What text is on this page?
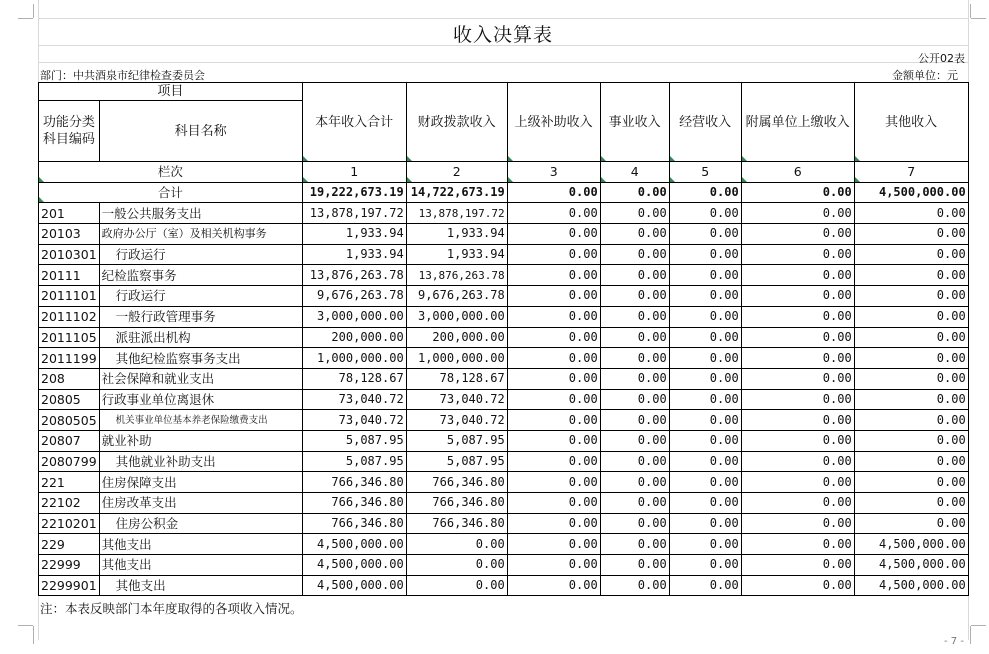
收入决算表
公开02表
部门：中共酒泉市纪律检查委员会	金额单位：元
项目		本年收入合计	财政拨款收入	上级补助收入	事业收入	经营收入	附属单位上缴收入	其他收入
功能分类科目编码	科目名称							
栏次		1	2	3	4	5	6	7
合计		19,222,673.19	14,722,673.19	0.00	0.00	0.00	0.00	4,500,000.00
201	一般公共服务支出	13,878,197.72	13,878,197.72	0.00	0.00	0.00	0.00	0.00
20103	政府办公厅（室）及相关机构事务	1,933.94	1,933.94	0.00	0.00	0.00	0.00	0.00
2010301	行政运行	1,933.94	1,933.94	0.00	0.00	0.00	0.00	0.00
20111	纪检监察事务	13,876,263.78	13,876,263.78	0.00	0.00	0.00	0.00	0.00
2011101	行政运行	9,676,263.78	9,676,263.78	0.00	0.00	0.00	0.00	0.00
2011102	一般行政管理事务	3,000,000.00	3,000,000.00	0.00	0.00	0.00	0.00	0.00
2011105	派驻派出机构	200,000.00	200,000.00	0.00	0.00	0.00	0.00	0.00
2011199	其他纪检监察事务支出	1,000,000.00	1,000,000.00	0.00	0.00	0.00	0.00	0.00
208	社会保障和就业支出	78,128.67	78,128.67	0.00	0.00	0.00	0.00	0.00
20805	行政事业单位离退休	73,040.72	73,040.72	0.00	0.00	0.00	0.00	0.00
2080505	机关事业单位基本养老保险缴费支出	73,040.72	73,040.72	0.00	0.00	0.00	0.00	0.00
20807	就业补助	5,087.95	5,087.95	0.00	0.00	0.00	0.00	0.00
2080799	其他就业补助支出	5,087.95	5,087.95	0.00	0.00	0.00	0.00	0.00
221	住房保障支出	766,346.80	766,346.80	0.00	0.00	0.00	0.00	0.00
22102	住房改革支出	766,346.80	766,346.80	0.00	0.00	0.00	0.00	0.00
2210201	住房公积金	766,346.80	766,346.80	0.00	0.00	0.00	0.00	0.00
229	其他支出	4,500,000.00	0.00	0.00	0.00	0.00	0.00	4,500,000.00
22999	其他支出	4,500,000.00	0.00	0.00	0.00	0.00	0.00	4,500,000.00
2299901	其他支出	4,500,000.00	0.00	0.00	0.00	0.00	0.00	4,500,000.00
注：本表反映部门本年度取得的各项收入情况。
- 7 -
